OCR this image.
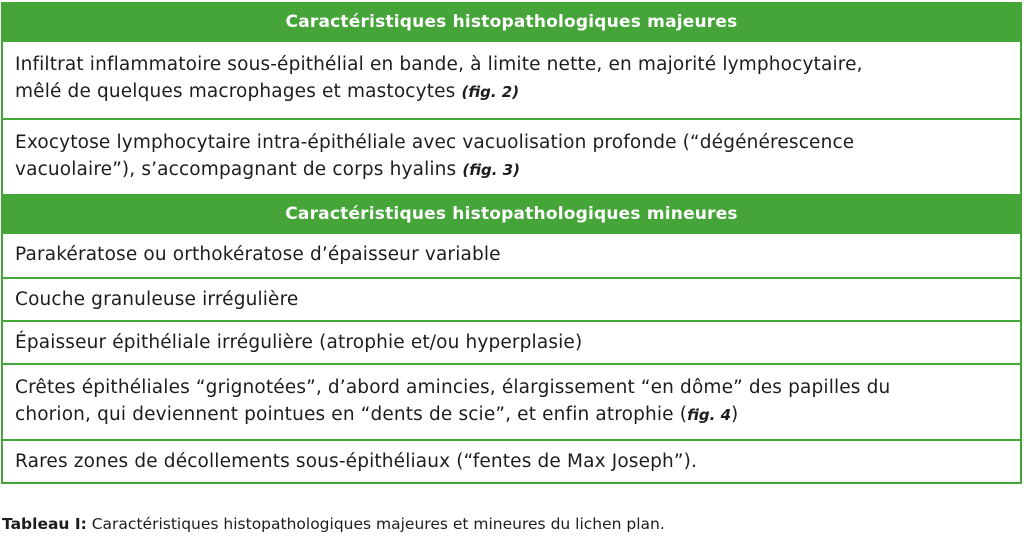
Caractéristiques histopathologiques majeures
Infiltrat inflammatoire sous-épithélial en bande, à limite nette, en majorité lymphocytaire,
mêlé de quelques macrophages et mastocytes (fig. 2)
Exocytose lymphocytaire intra-épithéliale avec vacuolisation profonde (“dégénérescence
vacuolaire”), s’accompagnant de corps hyalins (fig. 3)
Caractéristiques histopathologiques mineures
Parakératose ou orthokératose d’épaisseur variable
Couche granuleuse irrégulière
Épaisseur épithéliale irrégulière (atrophie et/ou hyperplasie)
Crêtes épithéliales “grignotées”, d’abord amincies, élargissement “en dôme” des papilles du
chorion, qui deviennent pointues en “dents de scie”, et enfin atrophie (fig. 4)
Rares zones de décollements sous-épithéliaux (“fentes de Max Joseph”).
Tableau I: Caractéristiques histopathologiques majeures et mineures du lichen plan.
